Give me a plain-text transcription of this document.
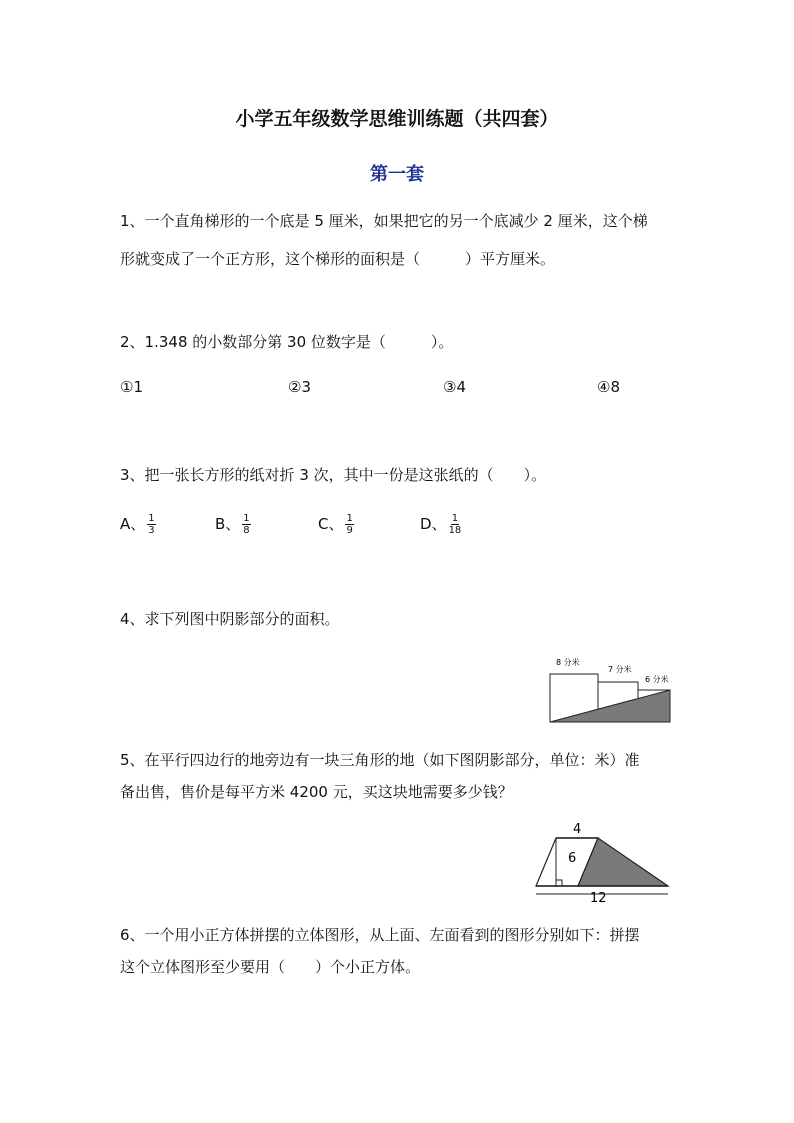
小学五年级数学思维训练题（共四套）
第一套
1、一个直角梯形的一个底是 5 厘米，如果把它的另一个底减少 2 厘米，这个梯
形就变成了一个正方形，这个梯形的面积是（　　　）平方厘米。
2、1.348 的小数部分第 30 位数字是（　　　）。
①1	②3	③4	④8
3、把一张长方形的纸对折 3 次，其中一份是这张纸的（　　）。
A、 $\frac{1}{3}$	B、 $\frac{1}{8}$	C、 $\frac{1}{9}$	D、 $\frac{1}{18}$
4、求下列图中阴影部分的面积。
8 分米
7 分米
6 分米
5、在平行四边行的地旁边有一块三角形的地（如下图阴影部分，单位：米）准
备出售，售价是每平方米 4200 元，买这块地需要多少钱？
4
6
12
6、一个用小正方体拼摆的立体图形，从上面、左面看到的图形分别如下：拼摆
这个立体图形至少要用（　　）个小正方体。
